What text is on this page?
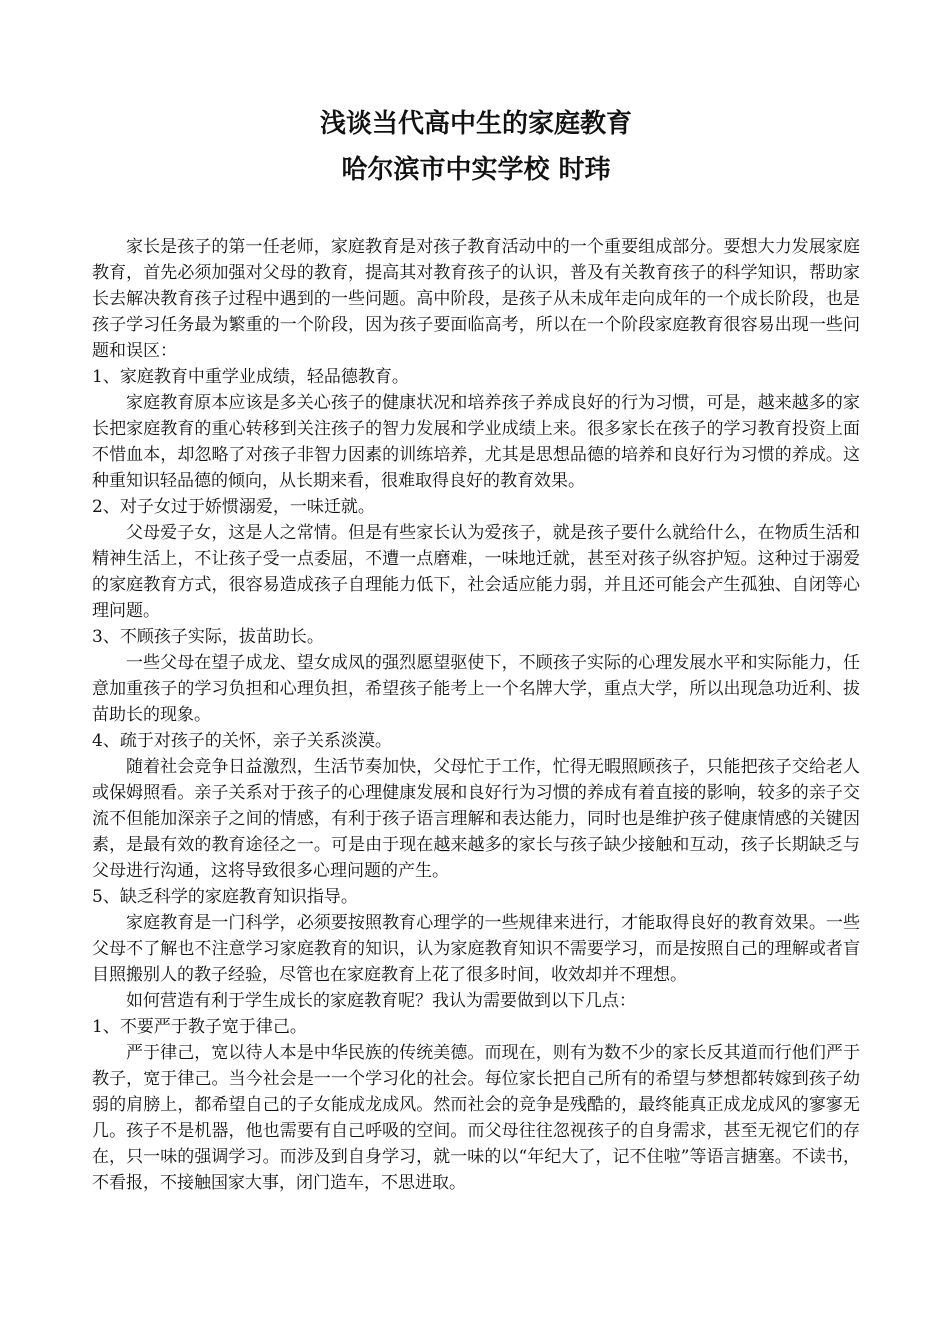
浅谈当代高中生的家庭教育
哈尔滨市中实学校 时玮

家长是孩子的第一任老师，家庭教育是对孩子教育活动中的一个重要组成部分。要想大力发展家庭教育，首先必须加强对父母的教育，提高其对教育孩子的认识，普及有关教育孩子的科学知识，帮助家长去解决教育孩子过程中遇到的一些问题。高中阶段，是孩子从未成年走向成年的一个成长阶段，也是孩子学习任务最为繁重的一个阶段，因为孩子要面临高考，所以在一个阶段家庭教育很容易出现一些问题和误区：

1、家庭教育中重学业成绩，轻品德教育。

家庭教育原本应该是多关心孩子的健康状况和培养孩子养成良好的行为习惯，可是，越来越多的家长把家庭教育的重心转移到关注孩子的智力发展和学业成绩上来。很多家长在孩子的学习教育投资上面不惜血本，却忽略了对孩子非智力因素的训练培养，尤其是思想品德的培养和良好行为习惯的养成。这种重知识轻品德的倾向，从长期来看，很难取得良好的教育效果。

2、对子女过于娇惯溺爱，一味迁就。

父母爱子女，这是人之常情。但是有些家长认为爱孩子，就是孩子要什么就给什么，在物质生活和精神生活上，不让孩子受一点委屈，不遭一点磨难，一味地迁就，甚至对孩子纵容护短。这种过于溺爱的家庭教育方式，很容易造成孩子自理能力低下，社会适应能力弱，并且还可能会产生孤独、自闭等心理问题。

3、不顾孩子实际，拔苗助长。

一些父母在望子成龙、望女成凤的强烈愿望驱使下，不顾孩子实际的心理发展水平和实际能力，任意加重孩子的学习负担和心理负担，希望孩子能考上一个名牌大学，重点大学，所以出现急功近利、拔苗助长的现象。

4、疏于对孩子的关怀，亲子关系淡漠。

随着社会竞争日益激烈，生活节奏加快，父母忙于工作，忙得无暇照顾孩子，只能把孩子交给老人或保姆照看。亲子关系对于孩子的心理健康发展和良好行为习惯的养成有着直接的影响，较多的亲子交流不但能加深亲子之间的情感，有利于孩子语言理解和表达能力，同时也是维护孩子健康情感的关键因素，是最有效的教育途径之一。可是由于现在越来越多的家长与孩子缺少接触和互动，孩子长期缺乏与父母进行沟通，这将导致很多心理问题的产生。

5、缺乏科学的家庭教育知识指导。

家庭教育是一门科学，必须要按照教育心理学的一些规律来进行，才能取得良好的教育效果。一些父母不了解也不注意学习家庭教育的知识，认为家庭教育知识不需要学习，而是按照自己的理解或者盲目照搬别人的教子经验，尽管也在家庭教育上花了很多时间，收效却并不理想。

如何营造有利于学生成长的家庭教育呢？我认为需要做到以下几点：

1、不要严于教子宽于律己。

严于律己，宽以待人本是中华民族的传统美德。而现在，则有为数不少的家长反其道而行他们严于教子，宽于律己。当今社会是一一个学习化的社会。每位家长把自己所有的希望与梦想都转嫁到孩子幼弱的肩膀上，都希望自己的子女能成龙成风。然而社会的竞争是残酷的，最终能真正成龙成风的寥寥无几。孩子不是机器，他也需要有自己呼吸的空间。而父母往往忽视孩子的自身需求，甚至无视它们的存在，只一味的强调学习。而涉及到自身学习，就一味的以“年纪大了，记不住啦”等语言搪塞。不读书，不看报，不接触国家大事，闭门造车，不思进取。
